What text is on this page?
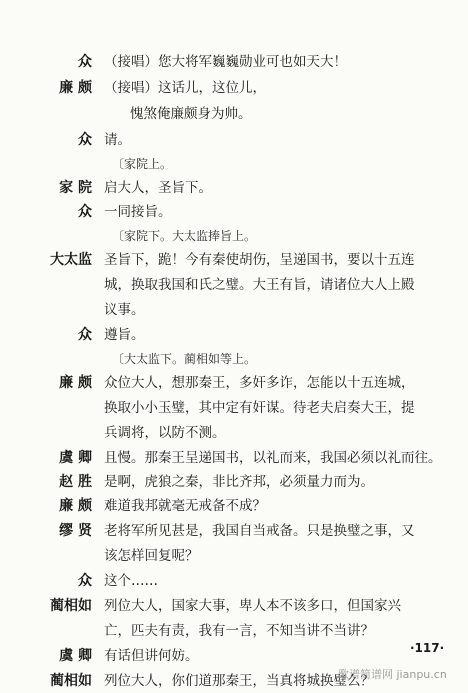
众 （接唱）您大将军巍巍勋业可也如天大！
廉 颇 （接唱）这话儿，这位儿，
愧煞俺廉颇身为帅。
众 请。
〔家院上。
家 院 启大人，圣旨下。
众 一同接旨。
〔家院下。大太监捧旨上。
大太监 圣旨下，跪！今有秦使胡伤，呈递国书，要以十五连
城，换取我国和氏之璧。大王有旨，请诸位大人上殿
议事。
众 遵旨。
〔大太监下。蔺相如等上。
廉 颇 众位大人，想那秦王，多奸多诈，怎能以十五连城，
换取小小玉璧，其中定有奸谋。待老夫启奏大王，提
兵调将，以防不测。
虞 卿 且慢。那秦王呈递国书，以礼而来，我国必须以礼而往。
赵 胜 是啊，虎狼之秦，非比齐邦，必须量力而为。
廉 颇 难道我邦就毫无戒备不成？
缪 贤 老将军所见甚是，我国自当戒备。只是换璧之事，又
该怎样回复呢？
众 这个……
蔺相如 列位大人，国家大事，卑人本不该多口，但国家兴
亡，匹夫有责，我有一言，不知当讲不当讲？
虞 卿 有话但讲何妨。
蔺相如 列位大人，你们道那秦王，当真将城换璧么？
·117·
歌谱简谱网 jianpu.cn
